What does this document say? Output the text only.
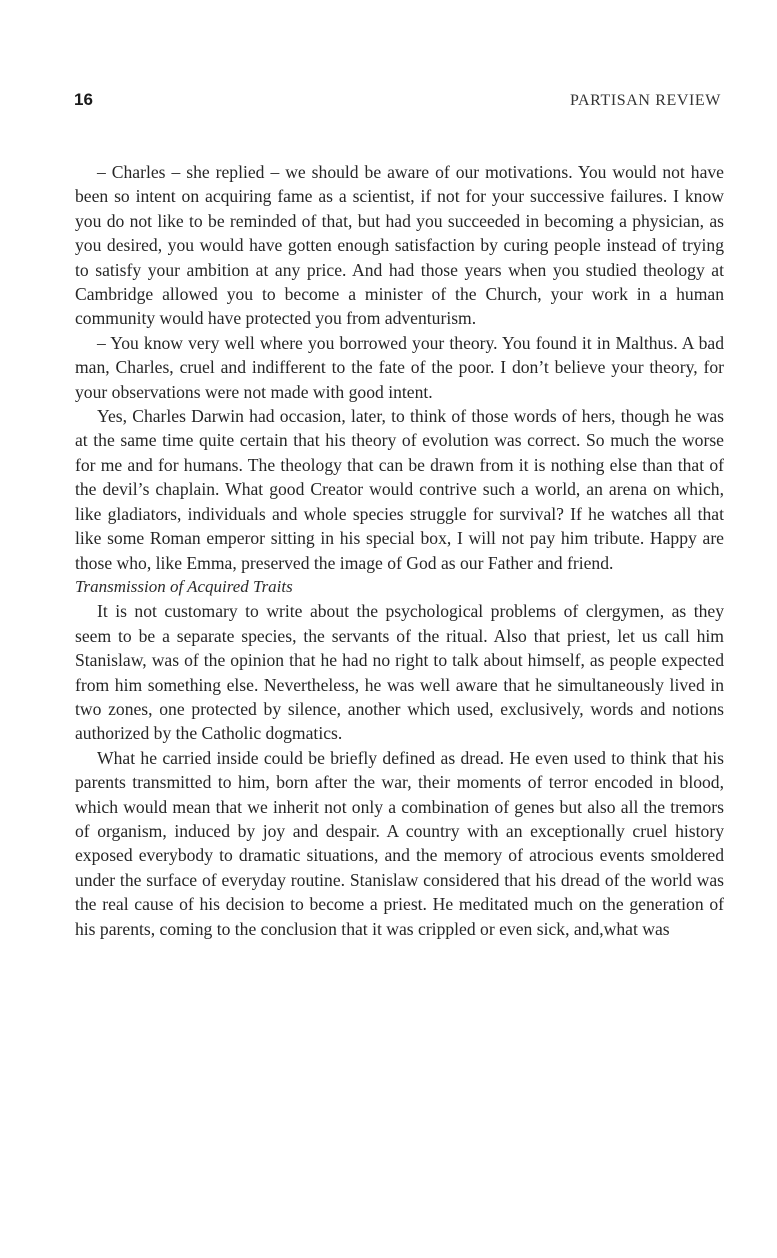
16	PARTISAN REVIEW

– Charles – she replied – we should be aware of our motivations. You would not have been so intent on acquiring fame as a scientist, if not for your successive failures. I know you do not like to be reminded of that, but had you succeeded in becoming a physician, as you desired, you would have gotten enough satisfaction by curing people instead of trying to satisfy your ambition at any price. And had those years when you studied theology at Cambridge allowed you to become a minister of the Church, your work in a human community would have protected you from adventurism.

– You know very well where you borrowed your theory. You found it in Malthus. A bad man, Charles, cruel and indifferent to the fate of the poor. I don’t believe your theory, for your observations were not made with good intent.

Yes, Charles Darwin had occasion, later, to think of those words of hers, though he was at the same time quite certain that his theory of evolution was correct. So much the worse for me and for humans. The theology that can be drawn from it is nothing else than that of the devil’s chaplain. What good Creator would contrive such a world, an arena on which, like gladiators, individuals and whole species struggle for survival? If he watches all that like some Roman emperor sitting in his special box, I will not pay him tribute. Happy are those who, like Emma, preserved the image of God as our Father and friend.

Transmission of Acquired Traits

It is not customary to write about the psychological problems of clergymen, as they seem to be a separate species, the servants of the ritual. Also that priest, let us call him Stanislaw, was of the opinion that he had no right to talk about himself, as people expected from him something else. Nevertheless, he was well aware that he simultaneously lived in two zones, one protected by silence, another which used, exclusively, words and notions authorized by the Catholic dogmatics.

What he carried inside could be briefly defined as dread. He even used to think that his parents transmitted to him, born after the war, their moments of terror encoded in blood, which would mean that we inherit not only a combination of genes but also all the tremors of organism, induced by joy and despair. A country with an exceptionally cruel history exposed everybody to dramatic situations, and the memory of atrocious events smoldered under the surface of everyday routine. Stanislaw considered that his dread of the world was the real cause of his decision to become a priest. He meditated much on the generation of his parents, coming to the conclusion that it was crippled or even sick, and,what was
